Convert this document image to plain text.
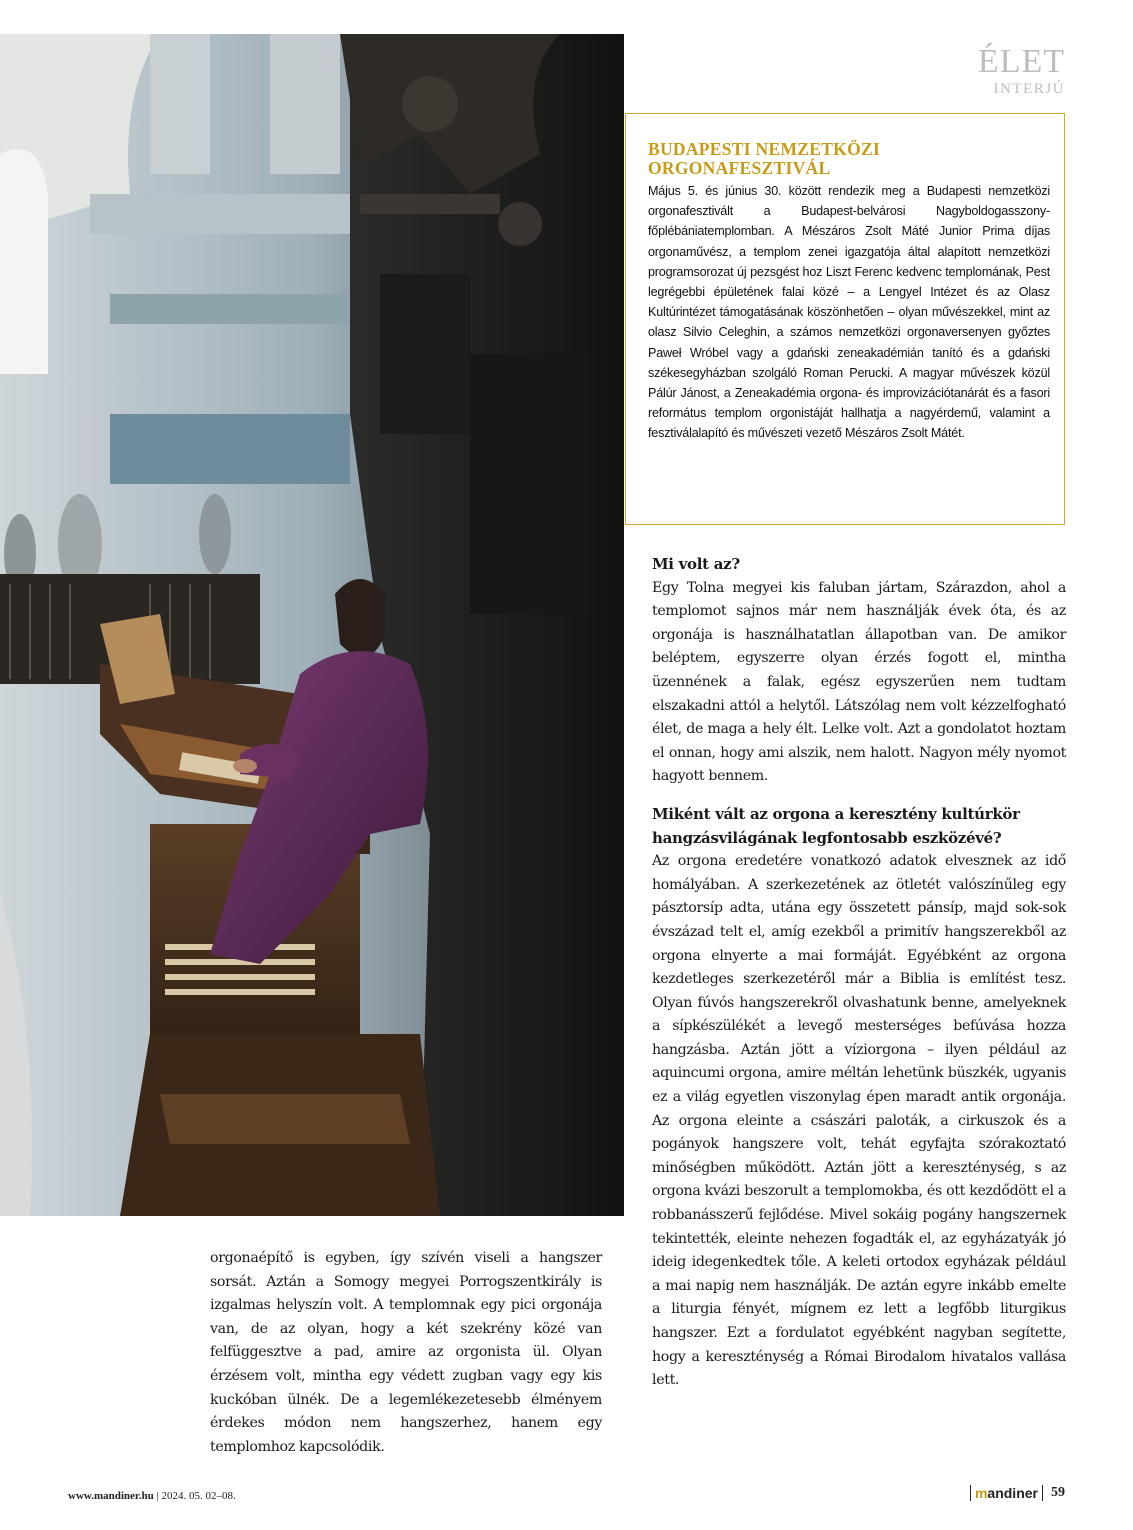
ÉLET
INTERJÚ
BUDAPESTI NEMZETKÖZI ORGONAFESZTIVÁL

Május 5. és június 30. között rendezik meg a Budapesti nemzetközi orgonafesztivált a Budapest-belvárosi Nagyboldogasszony-főplébániatemplomban. A Mészáros Zsolt Máté Junior Prima díjas orgonaművész, a templom zenei igazgatója által alapított nemzetközi programsorozat új pezsgést hoz Liszt Ferenc kedvenc templomának, Pest legrégebbi épületének falai közé – a Lengyel Intézet és az Olasz Kultúrintézet támogatásának köszönhetően – olyan művészekkel, mint az olasz Silvio Celeghin, a számos nemzetközi orgonaversenyen győztes Paweł Wróbel vagy a gdański zeneakadémián tanító és a gdański székesegyházban szolgáló Roman Perucki. A magyar művészek közül Pálúr Jánost, a Zeneakadémia orgona- és improvizációtanárát és a fasori református templom orgonistáját hallhatja a nagyérdemű, valamint a fesztiválalapító és művészeti vezető Mészáros Zsolt Mátét.

Mi volt az?

Egy Tolna megyei kis faluban jártam, Szárazdon, ahol a templomot sajnos már nem használják évek óta, és az orgonája is használhatatlan állapotban van. De amikor beléptem, egyszerre olyan érzés fogott el, mintha üzennének a falak, egész egyszerűen nem tudtam elszakadni attól a helytől. Látszólag nem volt kézzelfogható élet, de maga a hely élt. Lelke volt. Azt a gondolatot hoztam el onnan, hogy ami alszik, nem halott. Nagyon mély nyomot hagyott bennem.

Miként vált az orgona a keresztény kultúrkör hangzásvilágának legfontosabb eszközévé?

Az orgona eredetére vonatkozó adatok elvesznek az idő homályában. A szerkezetének az ötletét valószínűleg egy pásztorsíp adta, utána egy összetett pánsíp, majd sok-sok évszázad telt el, amíg ezekből a primitív hangszerekből az orgona elnyerte a mai formáját. Egyébként az orgona kezdetleges szerkezetéről már a Biblia is említést tesz. Olyan fúvós hangszerekről olvashatunk benne, amelyeknek a sípkészülékét a levegő mesterséges befúvása hozza hangzásba. Aztán jött a víziorgona – ilyen például az aquincumi orgona, amire méltán lehetünk büszkék, ugyanis ez a világ egyetlen viszonylag épen maradt antik orgonája. Az orgona eleinte a császári paloták, a cirkuszok és a pogányok hangszere volt, tehát egyfajta szórakoztató minőségben működött. Aztán jött a kereszténység, s az orgona kvázi beszorult a templomokba, és ott kezdődött el a robbanásszerű fejlődése. Mivel sokáig pogány hangszernek tekintették, eleinte nehezen fogadták el, az egyházatyák jó ideig idegenkedtek tőle. A keleti ortodox egyházak például a mai napig nem használják. De aztán egyre inkább emelte a liturgia fényét, mígnem ez lett a legfőbb liturgikus hangszer. Ezt a fordulatot egyébként nagyban segítette, hogy a kereszténység a Római Birodalom hivatalos vallása lett.

orgonaépítő is egyben, így szívén viseli a hangszer sorsát. Aztán a Somogy megyei Porrogszentkirály is izgalmas helyszín volt. A templomnak egy pici orgonája van, de az olyan, hogy a két szekrény közé van felfüggesztve a pad, amire az orgonista ül. Olyan érzésem volt, mintha egy védett zugban vagy egy kis kuckóban ülnék. De a legemlékezetesebb élményem érdekes módon nem hangszerhez, hanem egy templomhoz kapcsolódik.

www.mandiner.hu | 2024. 05. 02–08.	mandiner 59
